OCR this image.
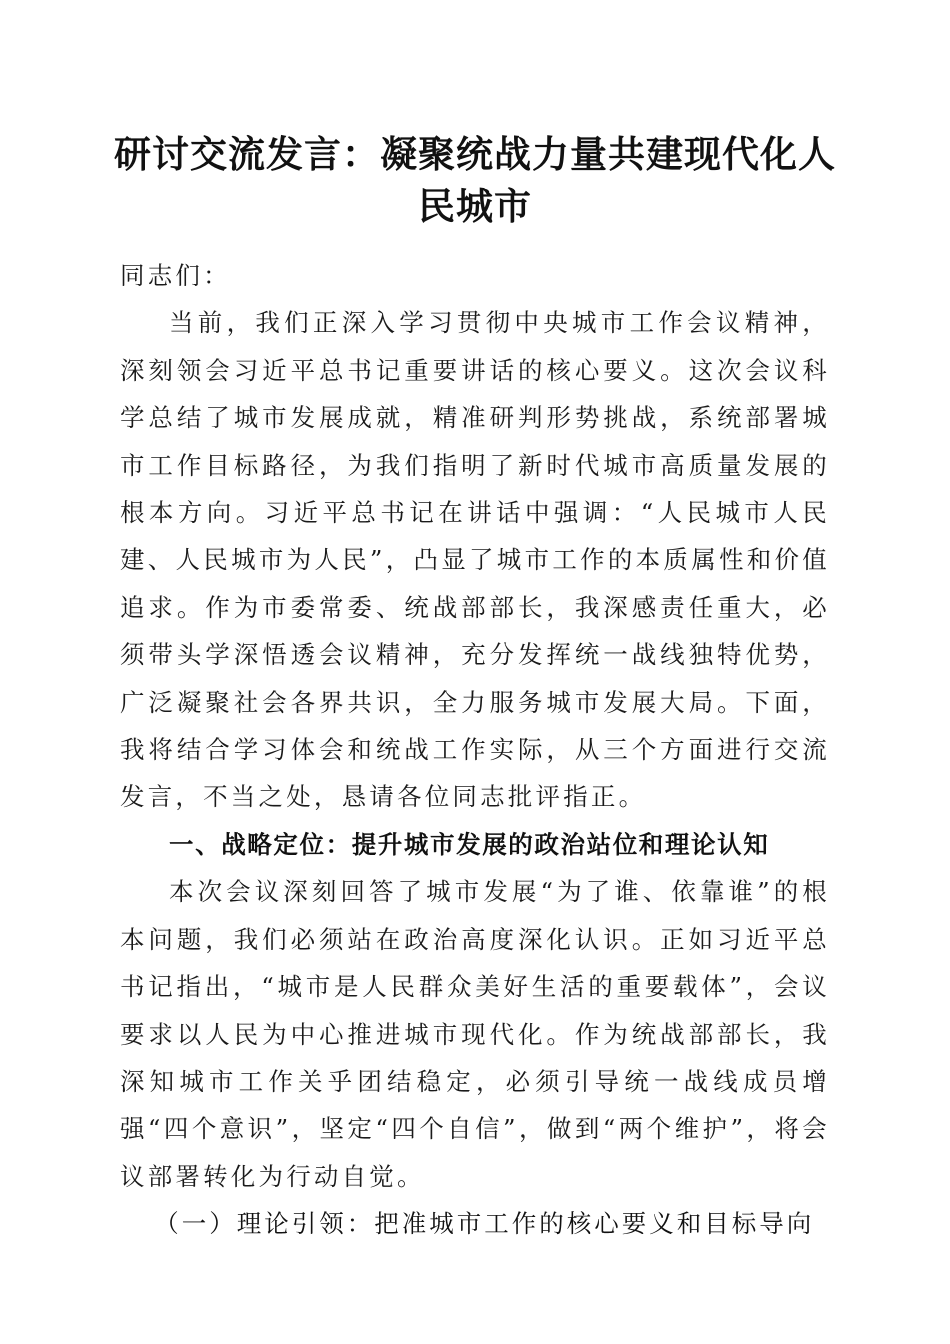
研讨交流发言：凝聚统战力量共建现代化人民城市

同志们：

当前，我们正深入学习贯彻中央城市工作会议精神，深刻领会习近平总书记重要讲话的核心要义。这次会议科学总结了城市发展成就，精准研判形势挑战，系统部署城市工作目标路径，为我们指明了新时代城市高质量发展的根本方向。习近平总书记在讲话中强调：“人民城市人民建、人民城市为人民”，凸显了城市工作的本质属性和价值追求。作为市委常委、统战部部长，我深感责任重大，必须带头学深悟透会议精神，充分发挥统一战线独特优势，广泛凝聚社会各界共识，全力服务城市发展大局。下面，我将结合学习体会和统战工作实际，从三个方面进行交流发言，不当之处，恳请各位同志批评指正。

一、战略定位：提升城市发展的政治站位和理论认知

本次会议深刻回答了城市发展“为了谁、依靠谁”的根本问题，我们必须站在政治高度深化认识。正如习近平总书记指出，“城市是人民群众美好生活的重要载体”，会议要求以人民为中心推进城市现代化。作为统战部部长，我深知城市工作关乎团结稳定，必须引导统一战线成员增强“四个意识”，坚定“四个自信”，做到“两个维护”，将会议部署转化为行动自觉。

（一）理论引领：把准城市工作的核心要义和目标导向
